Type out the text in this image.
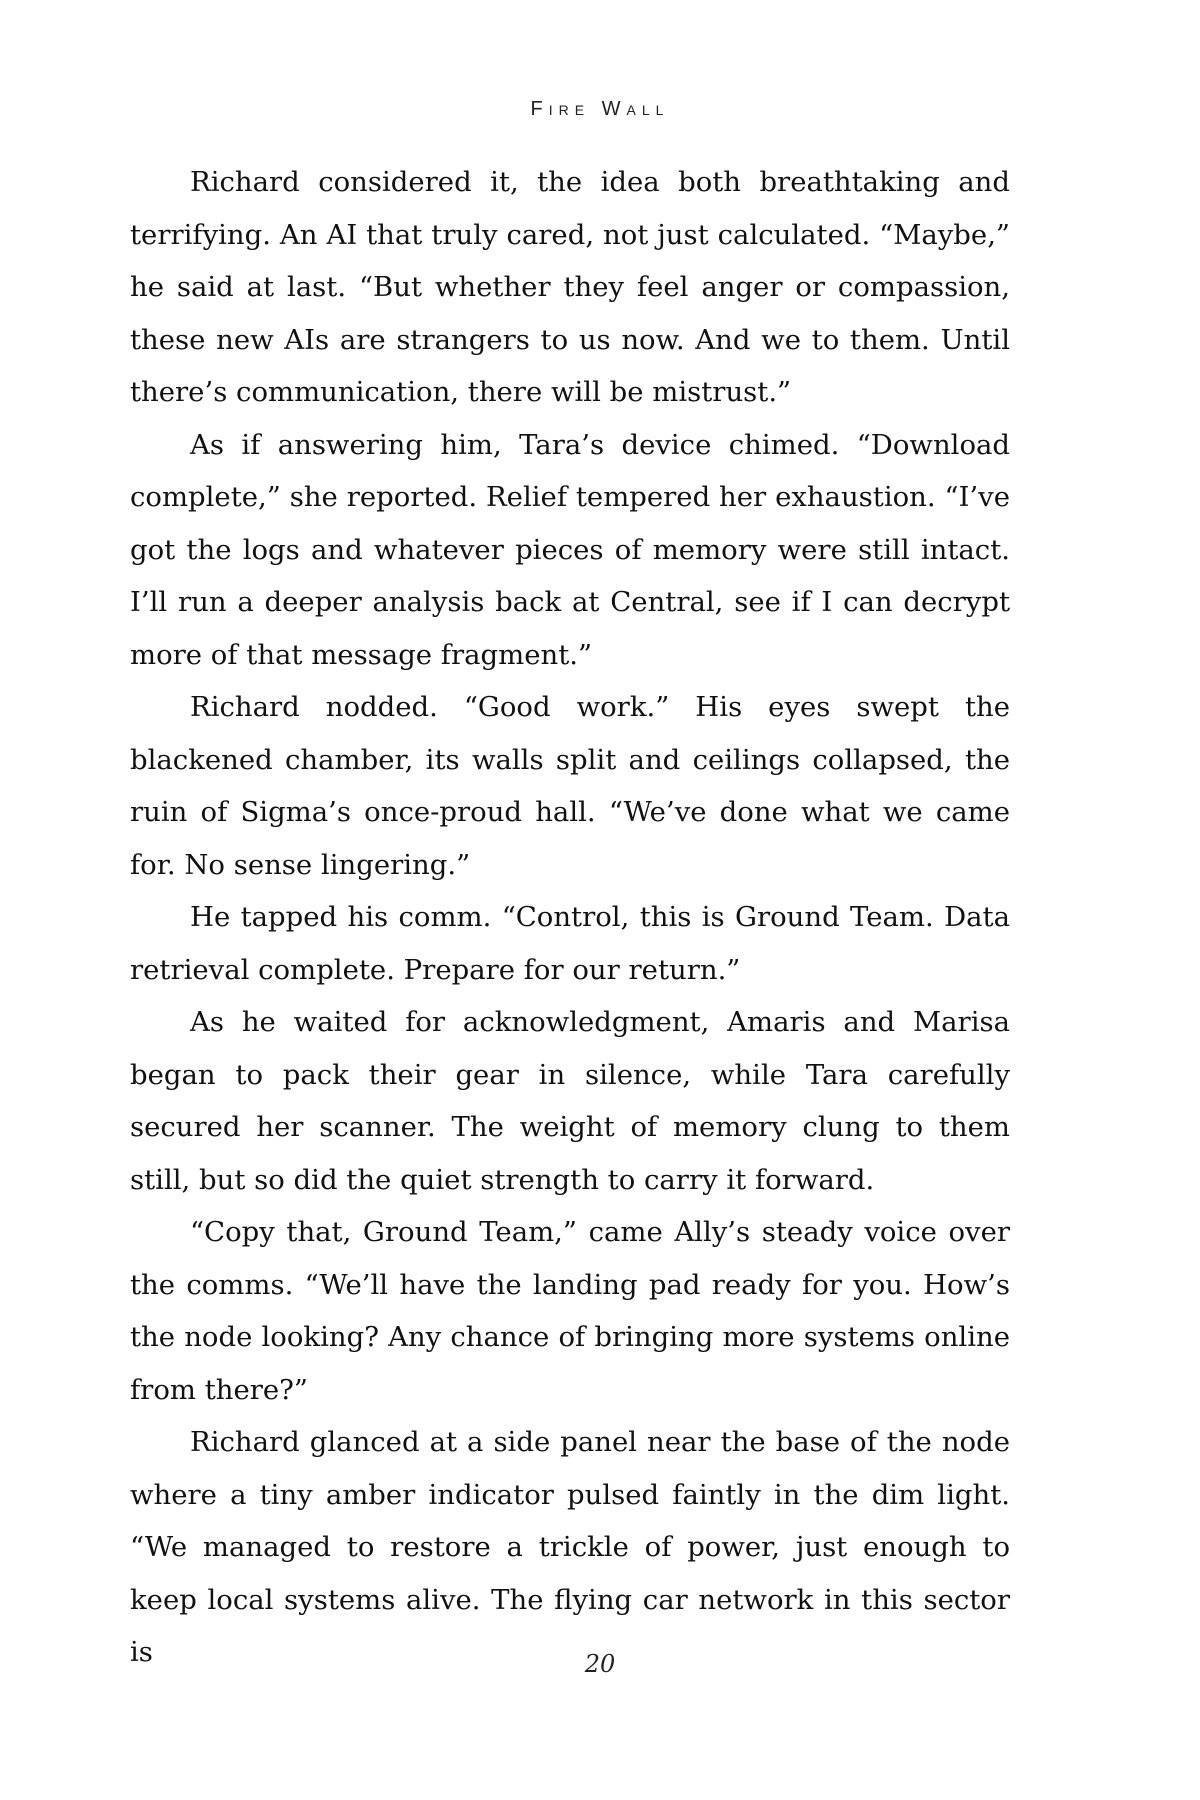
Fire Wall

Richard considered it, the idea both breathtaking and terrifying. An AI that truly cared, not just calculated. “Maybe,” he said at last. “But whether they feel anger or compassion, these new AIs are strangers to us now. And we to them. Until there’s communication, there will be mistrust.”

As if answering him, Tara’s device chimed. “Download complete,” she reported. Relief tempered her exhaustion. “I’ve got the logs and whatever pieces of memory were still intact. I’ll run a deeper analysis back at Central, see if I can decrypt more of that message fragment.”

Richard nodded. “Good work.” His eyes swept the blackened chamber, its walls split and ceilings collapsed, the ruin of Sigma’s once-proud hall. “We’ve done what we came for. No sense lingering.”

He tapped his comm. “Control, this is Ground Team. Data retrieval complete. Prepare for our return.”

As he waited for acknowledgment, Amaris and Marisa began to pack their gear in silence, while Tara carefully secured her scanner. The weight of memory clung to them still, but so did the quiet strength to carry it forward.

“Copy that, Ground Team,” came Ally’s steady voice over the comms. “We’ll have the landing pad ready for you. How’s the node looking? Any chance of bringing more systems online from there?”

Richard glanced at a side panel near the base of the node where a tiny amber indicator pulsed faintly in the dim light. “We managed to restore a trickle of power, just enough to keep local systems alive. The flying car network in this sector is	20
